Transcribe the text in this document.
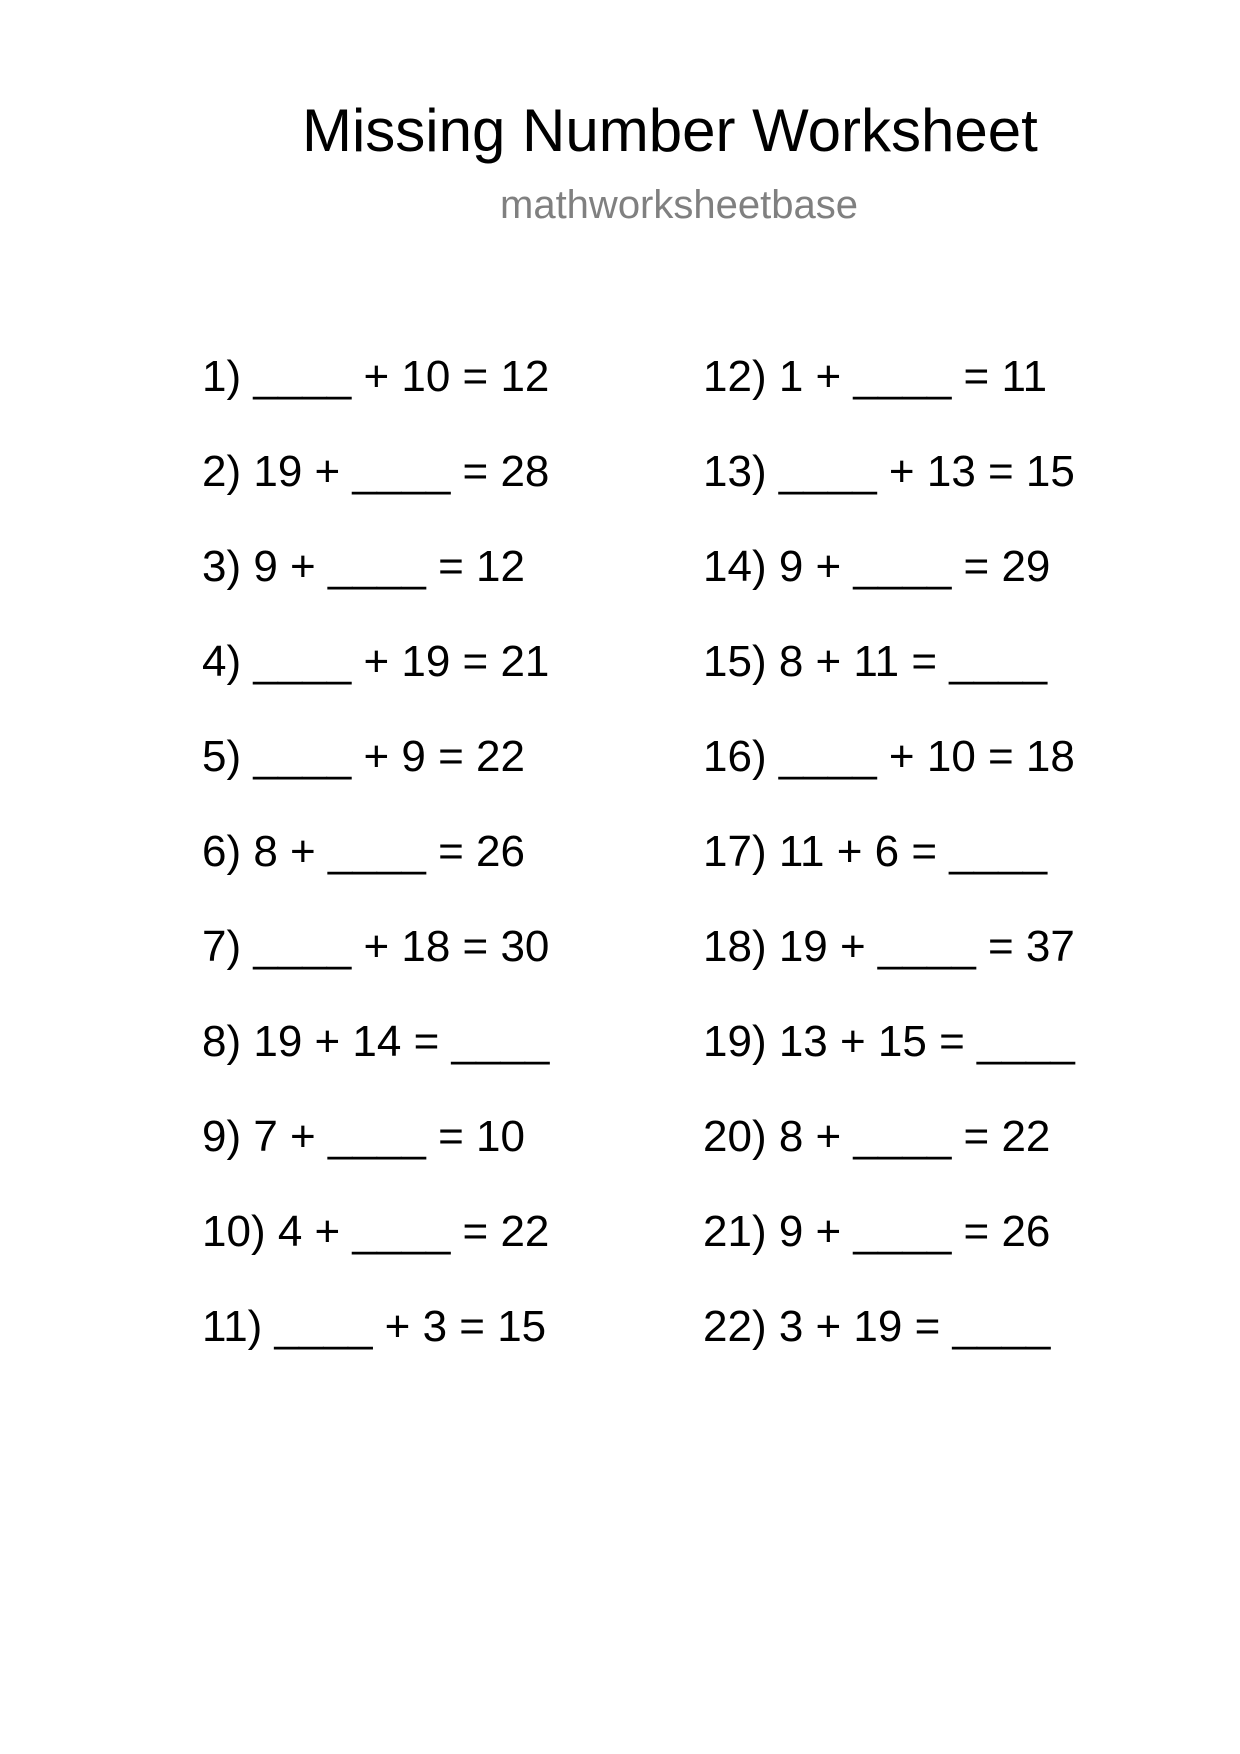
Missing Number Worksheet
mathworksheetbase
1) ____ + 10 = 12
2) 19 + ____ = 28
3) 9 + ____ = 12
4) ____ + 19 = 21
5) ____ + 9 = 22
6) 8 + ____ = 26
7) ____ + 18 = 30
8) 19 + 14 = ____
9) 7 + ____ = 10
10) 4 + ____ = 22
11) ____ + 3 = 15
12) 1 + ____ = 11
13) ____ + 13 = 15
14) 9 + ____ = 29
15) 8 + 11 = ____
16) ____ + 10 = 18
17) 11 + 6 = ____
18) 19 + ____ = 37
19) 13 + 15 = ____
20) 8 + ____ = 22
21) 9 + ____ = 26
22) 3 + 19 = ____
